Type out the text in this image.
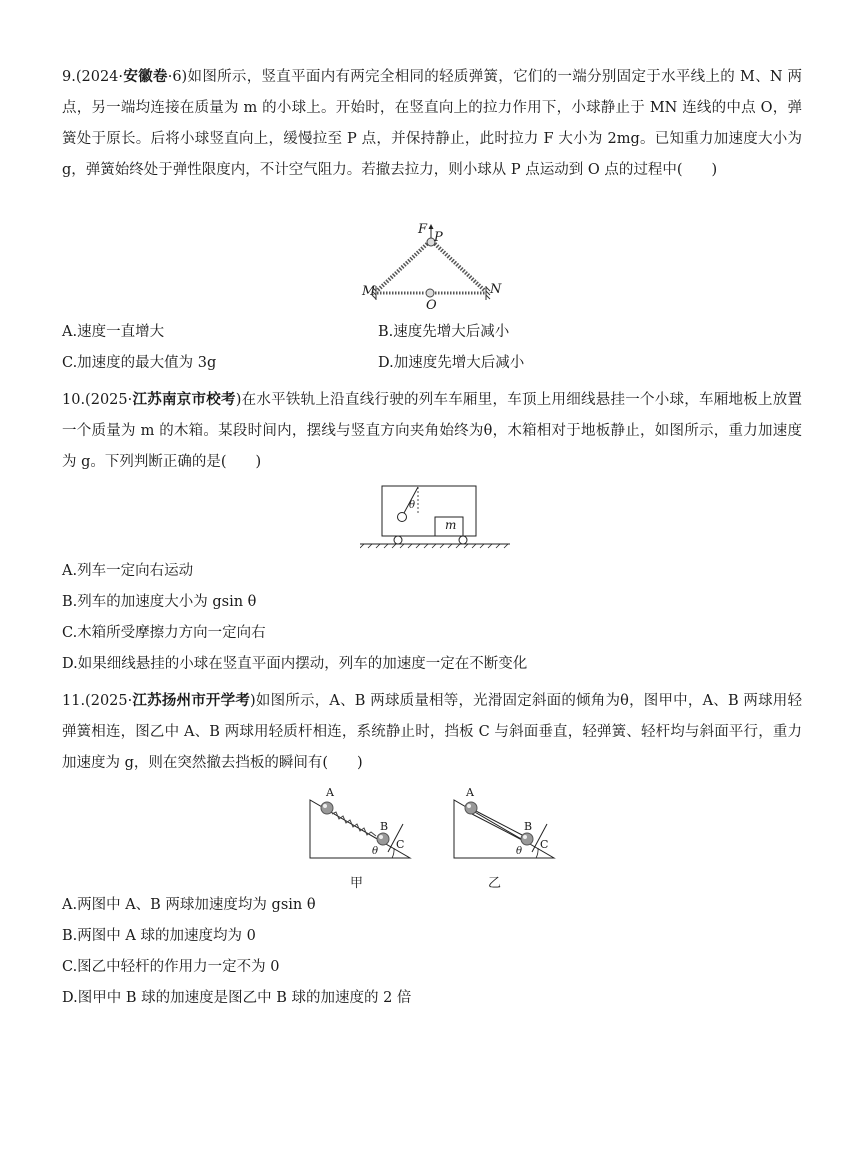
9.(2024·安徽卷·6)如图所示，竖直平面内有两完全相同的轻质弹簧，它们的一端分别固定于水平线上的 M、N 两点，另一端均连接在质量为 m 的小球上。开始时，在竖直向上的拉力作用下，小球静止于 MN 连线的中点 O，弹簧处于原长。后将小球竖直向上，缓慢拉至 P 点，并保持静止，此时拉力 F 大小为 2mg。已知重力加速度大小为 g，弹簧始终处于弹性限度内，不计空气阻力。若撤去拉力，则小球从 P 点运动到 O 点的过程中(　　)
F
P
M	N
O
A.速度一直增大	B.速度先增大后减小
C.加速度的最大值为 3g	D.加速度先增大后减小
10.(2025·江苏南京市校考)在水平铁轨上沿直线行驶的列车车厢里，车顶上用细线悬挂一个小球，车厢地板上放置一个质量为 m 的木箱。某段时间内，摆线与竖直方向夹角始终为θ，木箱相对于地板静止，如图所示，重力加速度为 g。下列判断正确的是(　　)
θ
m
A.列车一定向右运动
B.列车的加速度大小为 gsin θ
C.木箱所受摩擦力方向一定向右
D.如果细线悬挂的小球在竖直平面内摆动，列车的加速度一定在不断变化
11.(2025·江苏扬州市开学考)如图所示，A、B 两球质量相等，光滑固定斜面的倾角为θ，图甲中，A、B 两球用轻弹簧相连，图乙中 A、B 两球用轻质杆相连，系统静止时，挡板 C 与斜面垂直，轻弹簧、轻杆均与斜面平行，重力加速度为 g，则在突然撤去挡板的瞬间有(　　)
A
B
C
θ
甲
A
B
C
θ
乙
A.两图中 A、B 两球加速度均为 gsin θ
B.两图中 A 球的加速度均为 0
C.图乙中轻杆的作用力一定不为 0
D.图甲中 B 球的加速度是图乙中 B 球的加速度的 2 倍
